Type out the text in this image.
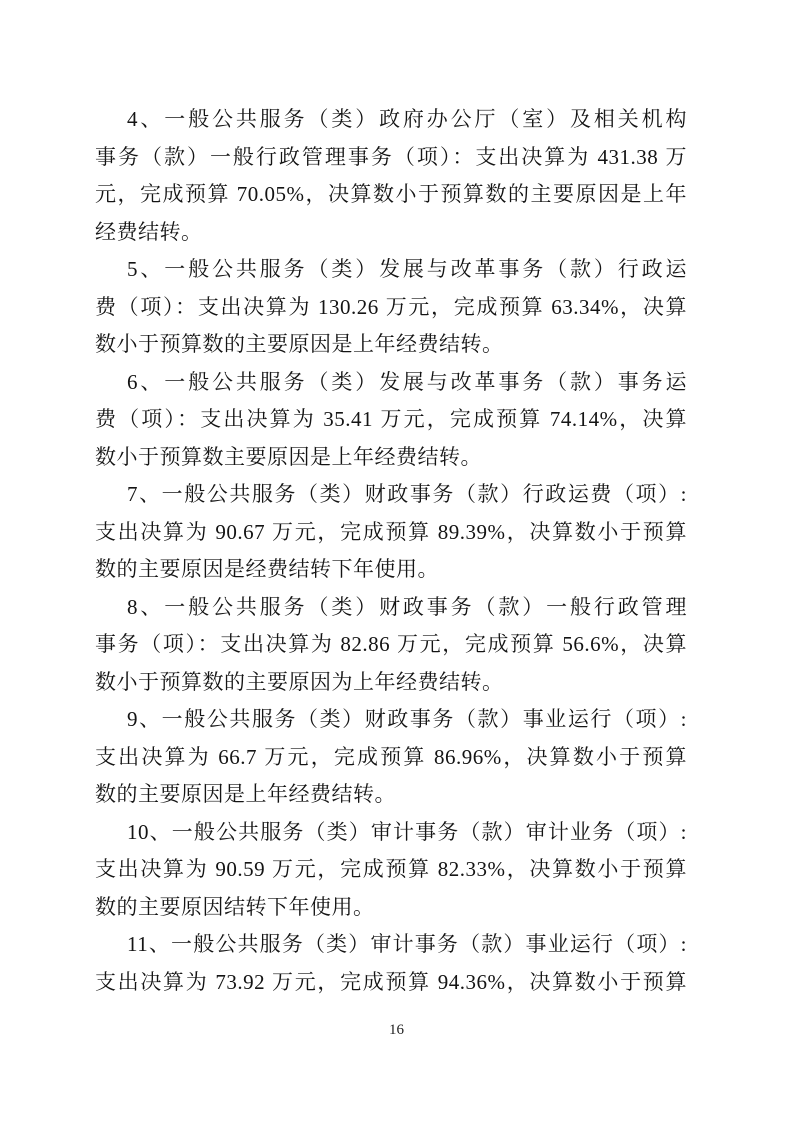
4、一般公共服务（类）政府办公厅（室）及相关机构
事务（款）一般行政管理事务（项）：支出决算为 431.38 万
元，完成预算 70.05%，决算数小于预算数的主要原因是上年
经费结转。
5、一般公共服务（类）发展与改革事务（款）行政运
费（项）：支出决算为 130.26 万元，完成预算 63.34%，决算
数小于预算数的主要原因是上年经费结转。
6、一般公共服务（类）发展与改革事务（款）事务运
费（项）：支出决算为 35.41 万元，完成预算 74.14%，决算
数小于预算数主要原因是上年经费结转。
7、一般公共服务（类）财政事务（款）行政运费（项）:
支出决算为 90.67 万元，完成预算 89.39%，决算数小于预算
数的主要原因是经费结转下年使用。
8、一般公共服务（类）财政事务（款）一般行政管理
事务（项）：支出决算为 82.86 万元，完成预算 56.6%，决算
数小于预算数的主要原因为上年经费结转。
9、一般公共服务（类）财政事务（款）事业运行（项）:
支出决算为 66.7 万元，完成预算 86.96%，决算数小于预算
数的主要原因是上年经费结转。
10、一般公共服务（类）审计事务（款）审计业务（项）:
支出决算为 90.59 万元，完成预算 82.33%，决算数小于预算
数的主要原因结转下年使用。
11、一般公共服务（类）审计事务（款）事业运行（项）:
支出决算为 73.92 万元，完成预算 94.36%，决算数小于预算
16
